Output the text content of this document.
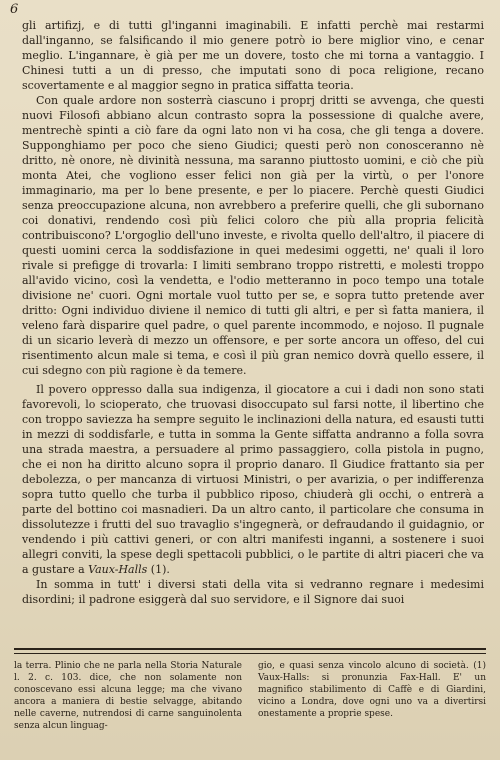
6

gli artifizj, e di tutti gl'inganni imaginabili. E infatti perchè mai restarmi dall'inganno, se falsificando il mio genere potrò io bere miglior vino, e cenar meglio. L'ingannare, è già per me un dovere, tosto che mi torna a vantaggio. I Chinesi tutti a un di presso, che imputati sono di poca religione, recano scovertamente e al maggior segno in pratica siffatta teoria.

Con quale ardore non sosterrà ciascuno i proprj dritti se avvenga, che questi nuovi Filosofi abbiano alcun contrasto sopra la possessione di qualche avere, mentrechè spinti a ciò fare da ogni lato non vi ha cosa, che gli tenga a dovere. Supponghiamo per poco che sieno Giudici; questi però non conosceranno nè dritto, nè onore, nè divinità nessuna, ma saranno piuttosto uomini, e ciò che più monta Atei, che vogliono esser felici non già per la virtù, o per l'onore immaginario, ma per lo bene presente, e per lo piacere. Perchè questi Giudici senza preoccupazione alcuna, non avrebbero a preferire quelli, che gli subornano coi donativi, rendendo così più felici coloro che più alla propria felicità contribuiscono? L'orgoglio dell'uno investe, e rivolta quello dell'altro, il piacere di questi uomini cerca la soddisfazione in quei medesimi oggetti, ne' quali il loro rivale si prefigge di trovarla: I limiti sembrano troppo ristretti, e molesti troppo all'avido vicino, così la vendetta, e l'odio metteranno in poco tempo una totale divisione ne' cuori. Ogni mortale vuol tutto per se, e sopra tutto pretende aver dritto: Ogni individuo diviene il nemico di tutti gli altri, e per sì fatta maniera, il veleno farà disparire quel padre, o quel parente incommodo, e nojoso. Il pugnale di un sicario leverà di mezzo un offensore, e per sorte ancora un offeso, del cui risentimento alcun male si tema, e così il più gran nemico dovrà quello essere, il cui sdegno con più ragione è da temere.

Il povero oppresso dalla sua indigenza, il giocatore a cui i dadi non sono stati favorevoli, lo scioperato, che truovasi disoccupato sul farsi notte, il libertino che con troppo saviezza ha sempre seguito le inclinazioni della natura, ed esausti tutti in mezzi di soddisfarle, e tutta in somma la Gente siffatta andranno a folla sovra una strada maestra, a persuadere al primo passaggiero, colla pistola in pugno, che ei non ha diritto alcuno sopra il proprio danaro. Il Giudice frattanto sia per debolezza, o per mancanza di virtuosi Ministri, o per avarizia, o per indifferenza sopra tutto quello che turba il pubblico riposo, chiuderà gli occhi, o entrerà a parte del bottino coi masnadieri. Da un altro canto, il particolare che consuma in dissolutezze i frutti del suo travaglio s'ingegnerà, or defraudando il guidagnio, or vendendo i più cattivi generi, or con altri manifesti inganni, a sostenere i suoi allegri conviti, la spese degli spettacoli pubblici, o le partite di altri piaceri che va a gustare a Vaux-Halls (1).

In somma in tutt' i diversi stati della vita si vedranno regnare i medesimi disordini; il padrone esiggerà dal suo servidore, e il Signore dai suoi

la terra. Plinio che ne parla nella Storia Naturale l. 2. c. 103. dice, che non solamente non conoscevano essi alcuna legge; ma che vivano ancora a maniera di bestie selvagge, abitando nelle caverne, nutrendosi di carne sanguinolenta senza alcun linguag-

gio, e quasi senza vincolo alcuno di società. (1) Vaux-Halls: si pronunzia Fax-Hall. E' un magnifico stabilimento di Caffè e di Giardini, vicino a Londra, dove ogni uno va a divertirsi onestamente a proprie spese.
